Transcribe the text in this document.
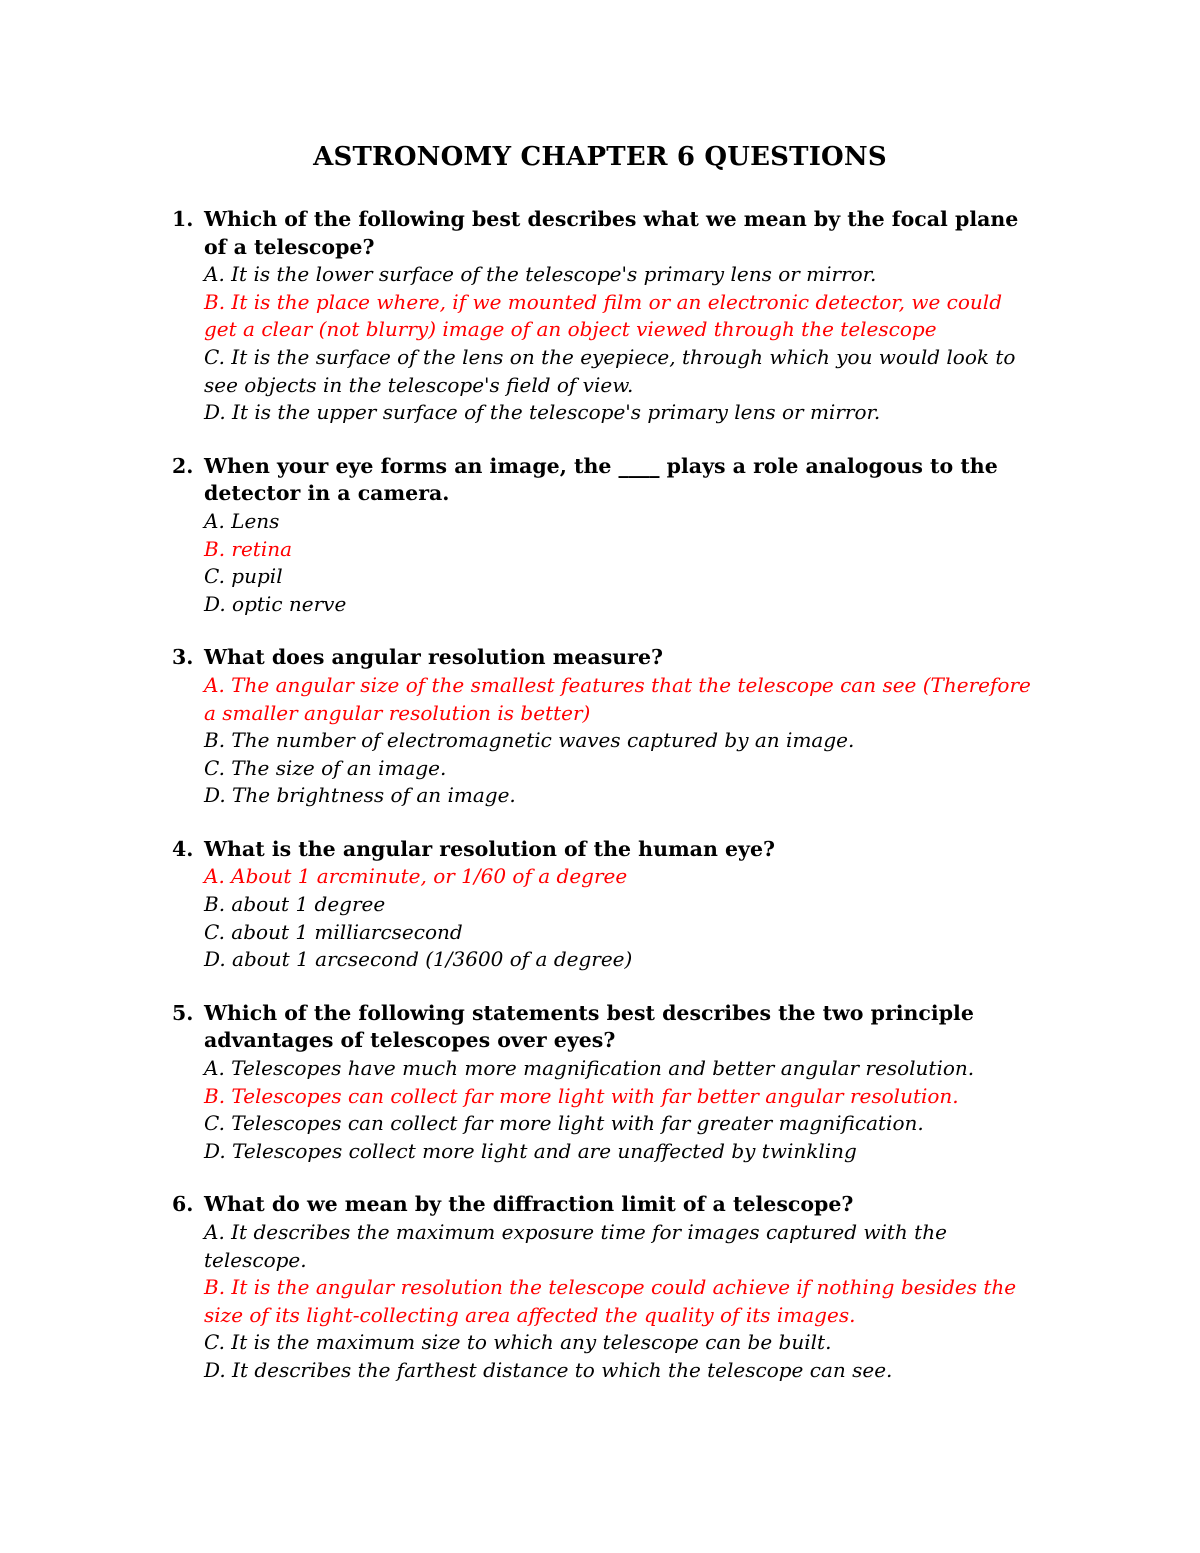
ASTRONOMY CHAPTER 6 QUESTIONS
1. Which of the following best describes what we mean by the focal plane of a telescope?
A. It is the lower surface of the telescope's primary lens or mirror.
B. It is the place where, if we mounted film or an electronic detector, we could get a clear (not blurry) image of an object viewed through the telescope
C. It is the surface of the lens on the eyepiece, through which you would look to see objects in the telescope's field of view.
D. It is the upper surface of the telescope's primary lens or mirror.
2. When your eye forms an image, the ____ plays a role analogous to the detector in a camera.
A. Lens
B. retina
C. pupil
D. optic nerve
3. What does angular resolution measure?
A. The angular size of the smallest features that the telescope can see (Therefore a smaller angular resolution is better)
B. The number of electromagnetic waves captured by an image.
C. The size of an image.
D. The brightness of an image.
4. What is the angular resolution of the human eye?
A. About 1 arcminute, or 1/60 of a degree
B. about 1 degree
C. about 1 milliarcsecond
D. about 1 arcsecond (1/3600 of a degree)
5. Which of the following statements best describes the two principle advantages of telescopes over eyes?
A. Telescopes have much more magnification and better angular resolution.
B. Telescopes can collect far more light with far better angular resolution.
C. Telescopes can collect far more light with far greater magnification.
D. Telescopes collect more light and are unaffected by twinkling
6. What do we mean by the diffraction limit of a telescope?
A. It describes the maximum exposure time for images captured with the telescope.
B. It is the angular resolution the telescope could achieve if nothing besides the size of its light-collecting area affected the quality of its images.
C. It is the maximum size to which any telescope can be built.
D. It describes the farthest distance to which the telescope can see.
